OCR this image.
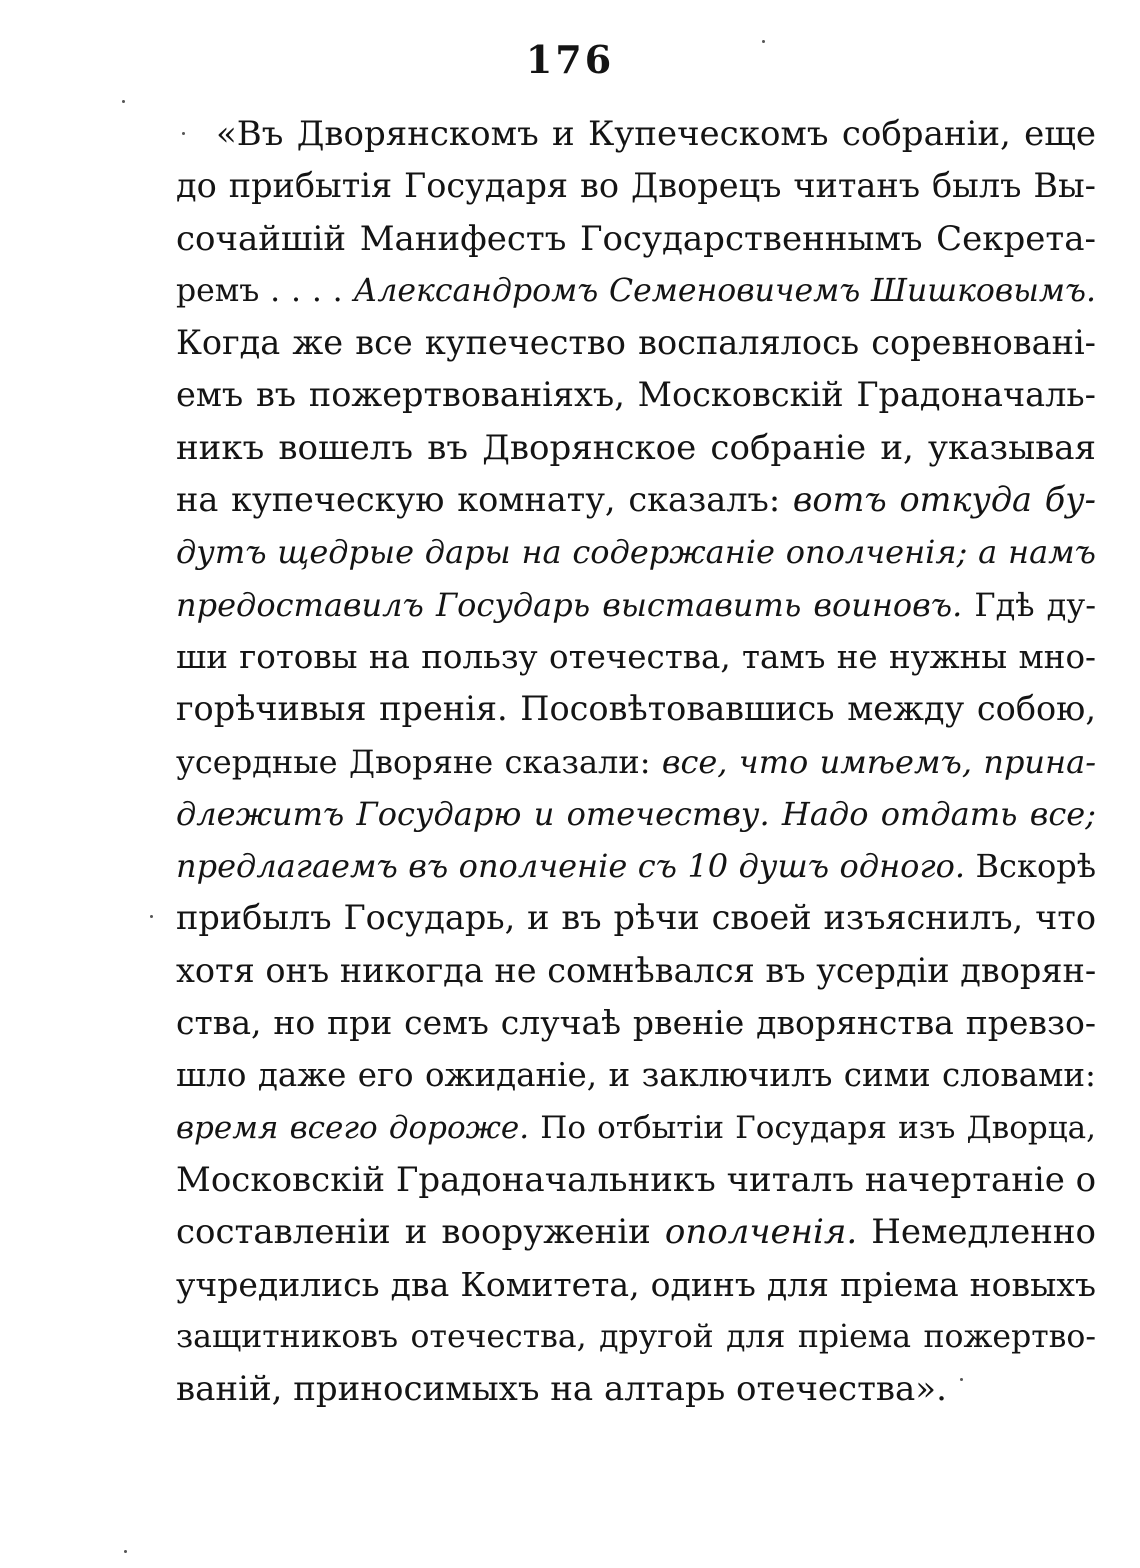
176
«Въ Дворянскомъ и Купеческомъ собраніи, еще
до прибытія Государя во Дворецъ читанъ былъ Вы-
сочайшій Манифестъ Государственнымъ Секрета-
ремъ . . . . Александромъ Семеновичемъ Шишковымъ.
Когда же все купечество воспалялось соревновані-
емъ въ пожертвованіяхъ, Московскій Градоначаль-
никъ вошелъ въ Дворянское собраніе и, указывая
на купеческую комнату, сказалъ: вотъ откуда бу-
дутъ щедрые дары на содержаніе ополченія; а намъ
предоставилъ Государь выставить воиновъ. Гдѣ ду-
ши готовы на пользу отечества, тамъ не нужны мно-
горѣчивыя пренія. Посовѣтовавшись между собою,
усердные Дворяне сказали: все, что имѣемъ, прина-
длежитъ Государю и отечеству. Надо отдать все;
предлагаемъ въ ополченіе съ 10 душъ одного. Вскорѣ
прибылъ Государь, и въ рѣчи своей изъяснилъ, что
хотя онъ никогда не сомнѣвался въ усердіи дворян-
ства, но при семъ случаѣ рвеніе дворянства превзо-
шло даже его ожиданіе, и заключилъ сими словами:
время всего дороже. По отбытіи Государя изъ Дворца,
Московскій Градоначальникъ читалъ начертаніе о
составленіи и вооруженіи ополченія. Немедленно
учредились два Комитета, одинъ для пріема новыхъ
защитниковъ отечества, другой для пріема пожертво-
ваній, приносимыхъ на алтарь отечества».
